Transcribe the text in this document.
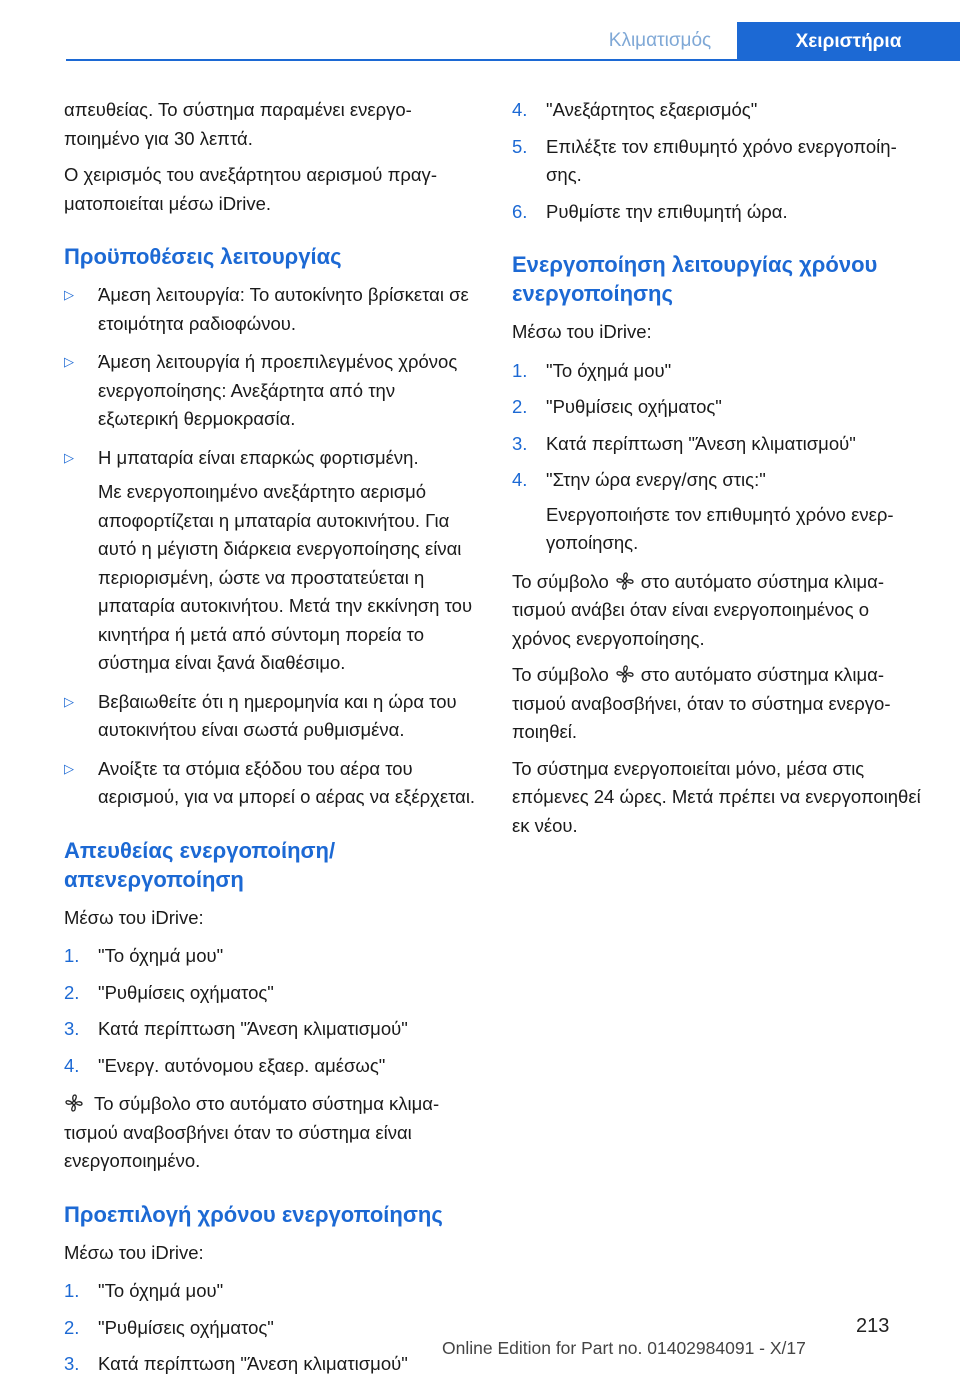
Κλιματισμός	Χειριστήρια

απευθείας. Το σύστημα παραμένει ενεργοποιημένο για 30 λεπτά.

Ο χειρισμός του ανεξάρτητου αερισμού πραγματοποιείται μέσω iDrive.

Προϋποθέσεις λειτουργίας
▷	Άμεση λειτουργία: Το αυτοκίνητο βρίσκεται σε ετοιμότητα ραδιοφώνου.
▷	Άμεση λειτουργία ή προεπιλεγμένος χρόνος ενεργοποίησης: Ανεξάρτητα από την εξωτερική θερμοκρασία.
▷	Η μπαταρία είναι επαρκώς φορτισμένη.

Με ενεργοποιημένο ανεξάρτητο αερισμό αποφορτίζεται η μπαταρία αυτοκινήτου. Για αυτό η μέγιστη διάρκεια ενεργοποίησης είναι περιορισμένη, ώστε να προστατεύεται η μπαταρία αυτοκινήτου. Μετά την εκκίνηση του κινητήρα ή μετά από σύντομη πορεία το σύστημα είναι ξανά διαθέσιμο.

▷	Βεβαιωθείτε ότι η ημερομηνία και η ώρα του αυτοκινήτου είναι σωστά ρυθμισμένα.
▷	Ανοίξτε τα στόμια εξόδου του αέρα του αερισμού, για να μπορεί ο αέρας να εξέρχεται.
Απευθείας ενεργοποίηση/ απενεργοποίηση

Μέσω του iDrive:

1. "Το όχημά μου"
2. "Ρυθμίσεις οχήματος"
3. Κατά περίπτωση "Άνεση κλιματισμού"
4. "Ενεργ. αυτόνομου εξαερ. αμέσως"

Το σύμβολο στο αυτόματο σύστημα κλιματισμού αναβοσβήνει όταν το σύστημα είναι ενεργοποιημένο.

Προεπιλογή χρόνου ενεργοποίησης

Μέσω του iDrive:

1. "Το όχημά μου"
2. "Ρυθμίσεις οχήματος"
3. Κατά περίπτωση "Άνεση κλιματισμού"
4. "Ανεξάρτητος εξαερισμός"
5. Επιλέξτε τον επιθυμητό χρόνο ενεργοποίησης.
6. Ρυθμίστε την επιθυμητή ώρα.
Ενεργοποίηση λειτουργίας χρόνου ενεργοποίησης

Μέσω του iDrive:

1. "Το όχημά μου"
2. "Ρυθμίσεις οχήματος"
3. Κατά περίπτωση "Άνεση κλιματισμού"
4. "Στην ώρα ενεργ/σης στις:"
Ενεργοποιήστε τον επιθυμητό χρόνο ενεργοποίησης.

Το σύμβολο στο αυτόματο σύστημα κλιματισμού ανάβει όταν είναι ενεργοποιημένος ο χρόνος ενεργοποίησης.

Το σύμβολο στο αυτόματο σύστημα κλιματισμού αναβοσβήνει, όταν το σύστημα ενεργοποιηθεί.

Το σύστημα ενεργοποιείται μόνο, μέσα στις επόμενες 24 ώρες. Μετά πρέπει να ενεργοποιηθεί εκ νέου.

213
Online Edition for Part no. 01402984091 - X/17
